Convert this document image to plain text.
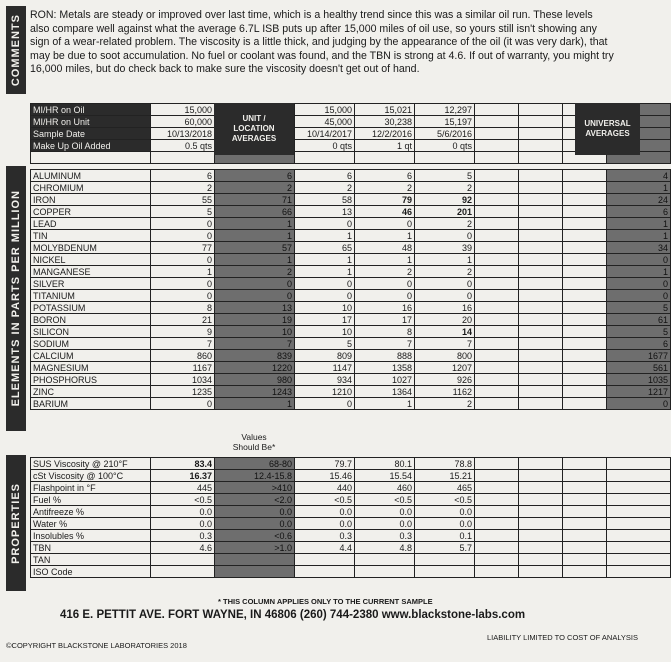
COMMENTS RON: Metals are steady or improved over last time, which is a healthy trend since this was a similar oil run. These levels also compare well against what the average 6.7L ISB puts up after 15,000 miles of oil use, so yours still isn't showing any sign of a wear-related problem. The viscosity is a little thick, and judging by the appearance of the oil (it was very dark), that may be due to soot accumulation. No fuel or coolant was found, and the TBN is strong at 4.6. If out of warranty, you might try 16,000 miles, but do check back to make sure the viscosity doesn't get out of hand.
MI/HR on Oil	15,000		15,000	15,021	12,297				
MI/HR on Unit	60,000		45,000	30,238	15,197				
Sample Date	10/13/2018		10/14/2017	12/2/2016	5/6/2016				
Make Up Oil Added	0.5 qts		0 qts	1 qt	0 qts				

UNIT / LOCATION AVERAGES
UNIVERSAL AVERAGES
ELEMENTS IN PARTS PER MILLION
ALUMINUM	6	6	6	6	5				4
CHROMIUM	2	2	2	2	2				1
IRON	55	71	58	79	92				24
COPPER	5	66	13	46	201				6
LEAD	0	1	0	0	2				1
TIN	0	1	1	1	0				1
MOLYBDENUM	77	57	65	48	39				34
NICKEL	0	1	1	1	1				0
MANGANESE	1	2	1	2	2				1
SILVER	0	0	0	0	0				0
TITANIUM	0	0	0	0	0				0
POTASSIUM	8	13	10	16	16				5
BORON	21	19	17	17	20				61
SILICON	9	10	10	8	14				5
SODIUM	7	7	5	7	7				6
CALCIUM	860	839	809	888	800				1677
MAGNESIUM	1167	1220	1147	1358	1207				561
PHOSPHORUS	1034	980	934	1027	926				1035
ZINC	1235	1243	1210	1364	1162				1217
BARIUM	0	1	0	1	2				0
Values
Should Be*
PROPERTIES
SUS Viscosity @ 210°F	83.4	68-80	79.7	80.1	78.8				
cSt Viscosity @ 100°C	16.37	12.4-15.8	15.46	15.54	15.21				
Flashpoint in °F	445	>410	440	460	465				
Fuel %	<0.5	<2.0	<0.5	<0.5	<0.5				
Antifreeze %	0.0	0.0	0.0	0.0	0.0				
Water %	0.0	0.0	0.0	0.0	0.0				
Insolubles %	0.3	<0.6	0.3	0.3	0.1				
TBN	4.6	>1.0	4.4	4.8	5.7				
TAN									
ISO Code									
* THIS COLUMN APPLIES ONLY TO THE CURRENT SAMPLE
416 E. PETTIT AVE. FORT WAYNE, IN 46806 (260) 744-2380 www.blackstone-labs.com
©COPYRIGHT BLACKSTONE LABORATORIES 2018
LIABILITY LIMITED TO COST OF ANALYSIS
